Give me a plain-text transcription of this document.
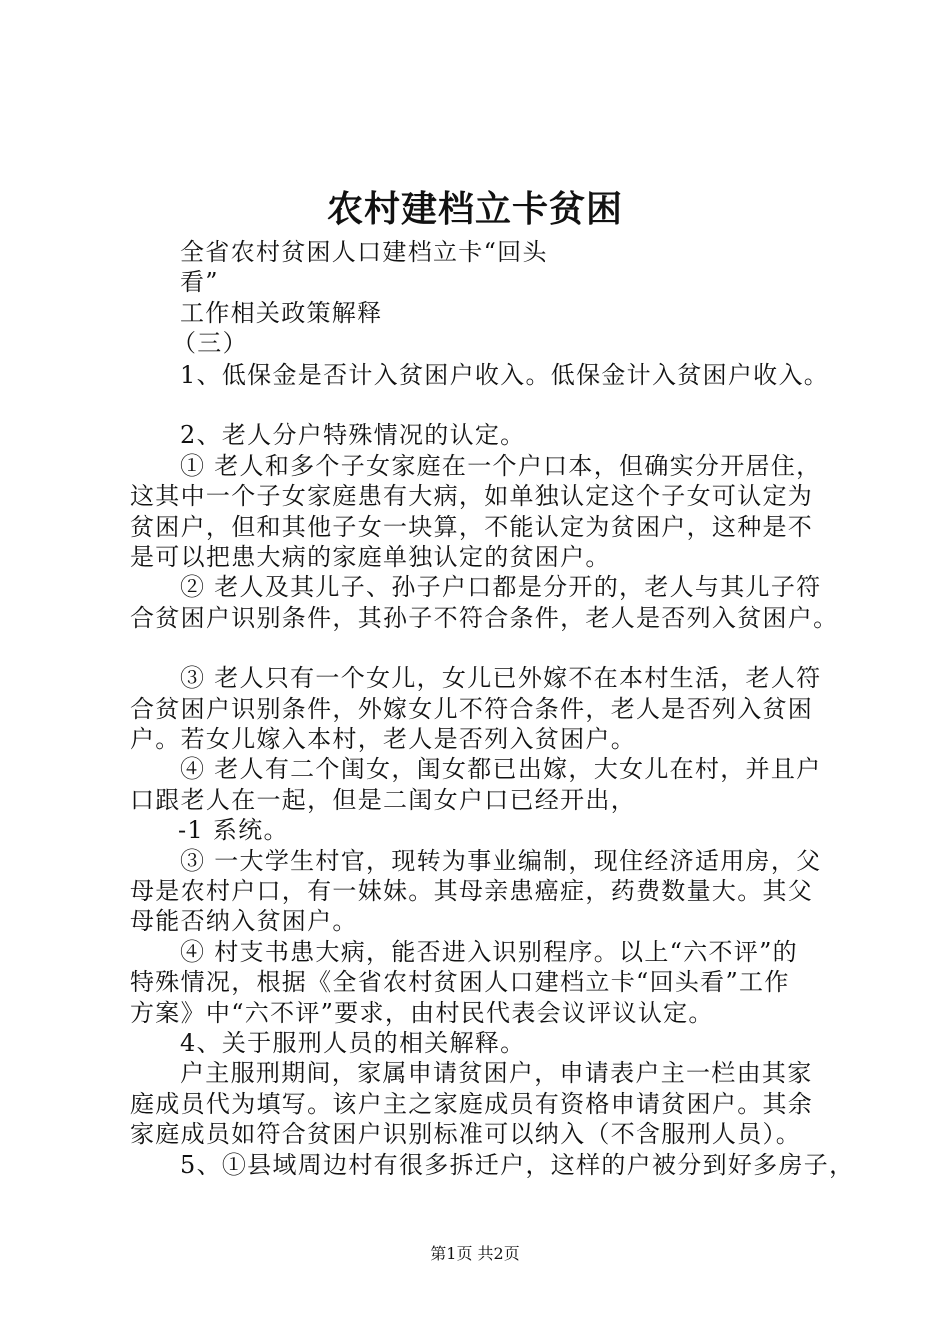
农村建档立卡贫困
全省农村贫困人口建档立卡“回头
看”
工作相关政策解释
（三）
1、低保金是否计入贫困户收入。低保金计入贫困户收入。
2、老人分户特殊情况的认定。
① 老人和多个子女家庭在一个户口本，但确实分开居住，
这其中一个子女家庭患有大病，如单独认定这个子女可认定为
贫困户，但和其他子女一块算，不能认定为贫困户，这种是不
是可以把患大病的家庭单独认定的贫困户。
② 老人及其儿子、孙子户口都是分开的，老人与其儿子符
合贫困户识别条件，其孙子不符合条件，老人是否列入贫困户。
③ 老人只有一个女儿，女儿已外嫁不在本村生活，老人符
合贫困户识别条件，外嫁女儿不符合条件，老人是否列入贫困
户。若女儿嫁入本村，老人是否列入贫困户。
④ 老人有二个闺女，闺女都已出嫁，大女儿在村，并且户
口跟老人在一起，但是二闺女户口已经开出，
-1 系统。
③ 一大学生村官，现转为事业编制，现住经济适用房，父
母是农村户口，有一妹妹。其母亲患癌症，药费数量大。其父
母能否纳入贫困户。
④ 村支书患大病，能否进入识别程序。以上“六不评”的
特殊情况，根据《全省农村贫困人口建档立卡“回头看”工作
方案》中“六不评”要求，由村民代表会议评议认定。
4、关于服刑人员的相关解释。
户主服刑期间，家属申请贫困户，申请表户主一栏由其家
庭成员代为填写。该户主之家庭成员有资格申请贫困户。其余
家庭成员如符合贫困户识别标准可以纳入（不含服刑人员）。
5、①县域周边村有很多拆迁户，这样的户被分到好多房子，
第1页 共2页
